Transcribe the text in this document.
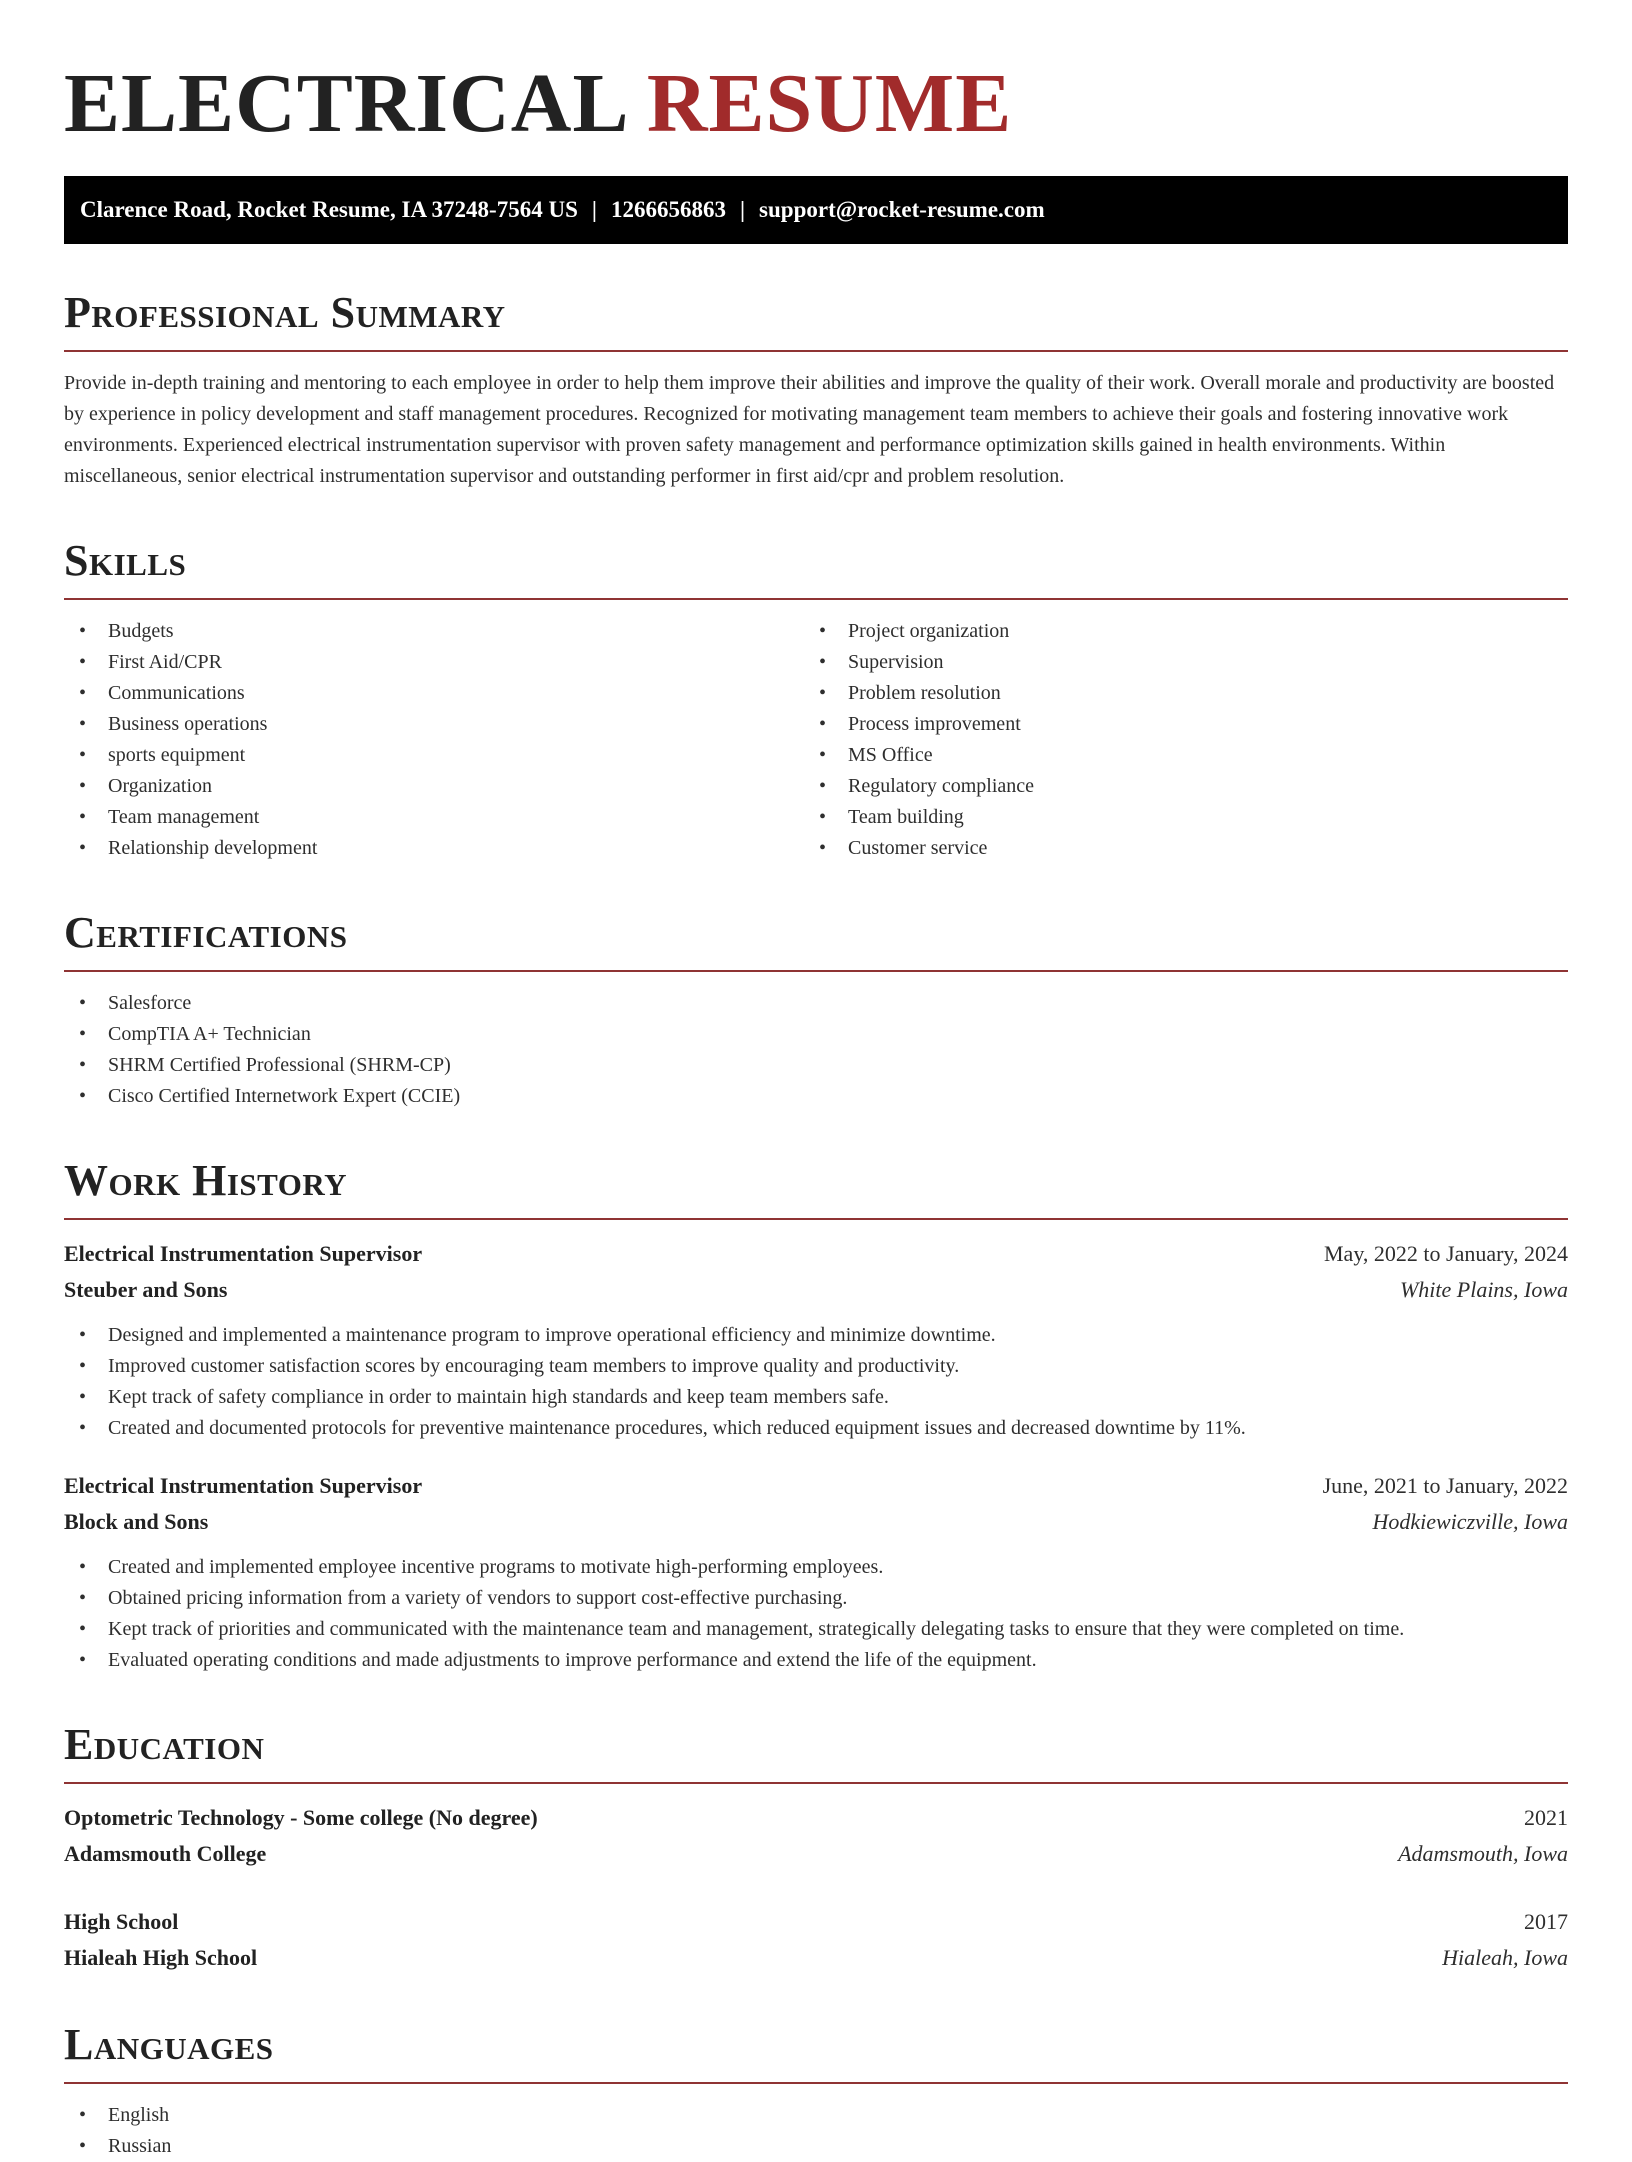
ELECTRICAL RESUME
Clarence Road, Rocket Resume, IA 37248-7564 US | 1266656863 | support@rocket-resume.com
Professional Summary

Provide in-depth training and mentoring to each employee in order to help them improve their abilities and improve the quality of their work. Overall morale and productivity are boosted by experience in policy development and staff management procedures. Recognized for motivating management team members to achieve their goals and fostering innovative work environments. Experienced electrical instrumentation supervisor with proven safety management and performance optimization skills gained in health environments. Within miscellaneous, senior electrical instrumentation supervisor and outstanding performer in first aid/cpr and problem resolution.

Skills
• Budgets
• First Aid/CPR
• Communications
• Business operations
• sports equipment
• Organization
• Team management
• Relationship development
• Project organization
• Supervision
• Problem resolution
• Process improvement
• MS Office
• Regulatory compliance
• Team building
• Customer service
Certifications
• Salesforce
• CompTIA A+ Technician
• SHRM Certified Professional (SHRM-CP)
• Cisco Certified Internetwork Expert (CCIE)
Work History
Electrical Instrumentation Supervisor	May, 2022 to January, 2024
Steuber and Sons	White Plains, Iowa
• Designed and implemented a maintenance program to improve operational efficiency and minimize downtime.
• Improved customer satisfaction scores by encouraging team members to improve quality and productivity.
• Kept track of safety compliance in order to maintain high standards and keep team members safe.
• Created and documented protocols for preventive maintenance procedures, which reduced equipment issues and decreased downtime by 11%.
Electrical Instrumentation Supervisor	June, 2021 to January, 2022
Block and Sons	Hodkiewiczville, Iowa
• Created and implemented employee incentive programs to motivate high-performing employees.
• Obtained pricing information from a variety of vendors to support cost-effective purchasing.
• Kept track of priorities and communicated with the maintenance team and management, strategically delegating tasks to ensure that they were completed on time.
• Evaluated operating conditions and made adjustments to improve performance and extend the life of the equipment.
Education
Optometric Technology - Some college (No degree)	2021
Adamsmouth College	Adamsmouth, Iowa
High School	2017
Hialeah High School	Hialeah, Iowa
Languages
• English
• Russian
